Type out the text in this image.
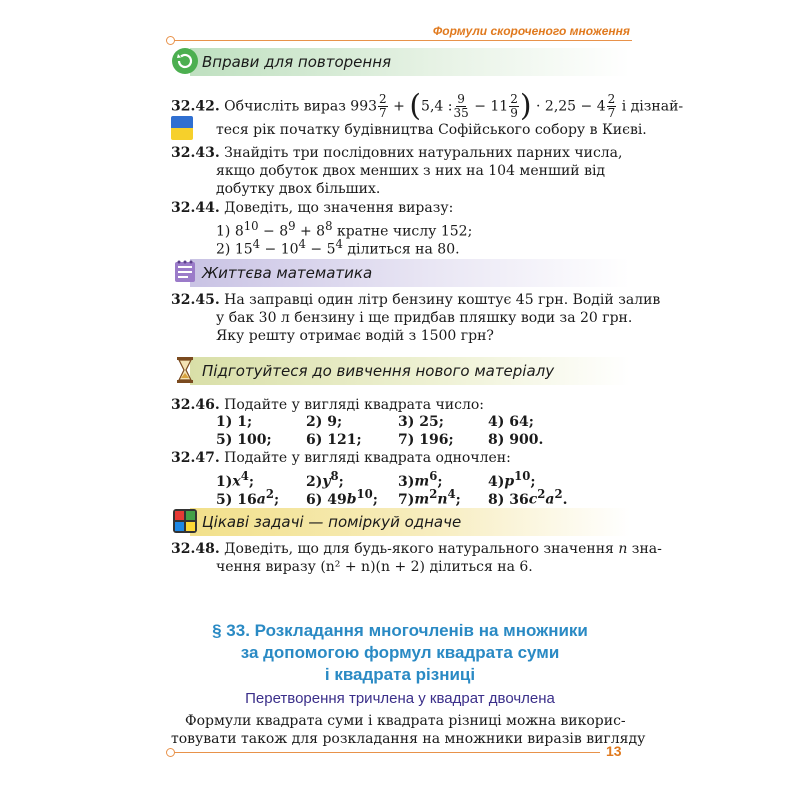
Формули скороченого множення
Вправи для повторення
32.42. Обчисліть вираз $993 \frac{2}{7} + (5,4$ : $\frac{9}{35} - 11 \frac{2}{9}$ ) · $2,25 - 4 \frac{2}{7}$ і дізнай-
теся рік початку будівництва Софійського собору в Києві.
32.43. Знайдіть три послідовних натуральних парних числа,
якщо добуток двох менших з них на 104 менший від
добутку двох більших.
32.44. Доведіть, що значення виразу:
1) $8^{10} - 8^9 + 8^8$ кратне числу 152;
2) $15^4 - 10^4 - 5^4$ ділиться на 80.
Життєва математика
32.45. На заправці один літр бензину коштує 45 грн. Водій залив
у бак 30 л бензину і ще придбав пляшку води за 20 грн.
Яку решту отримає водій з 1500 грн?
Підготуйтеся до вивчення нового матеріалу
32.46. Подайте у вигляді квадрата число:
1) 1;	2) 9;	3) 25;	4) 64;
5) 100;	6) 121;	7) 196;	8) 900.
32.47. Подайте у вигляді квадрата одночлен:
$1)x^4$;	$2)y^8$;	$3)m^6$;	$4)p^{10}$;
5) $16a^2$;	6) $49b^{10}$;	$7)m^2n^4$;	8) $36c^2a^2$.
Цікаві задачі — поміркуй одначе
32.48. Доведіть, що для будь-якого натурального значення n зна-
чення виразу (n² + n)(n + 2) ділиться на 6.
§ 33. Розкладання многочленів на множники
за допомогою формул квадрата суми
і квадрата різниці
Перетворення тричлена у квадрат двочлена
Формули квадрата суми і квадрата різниці можна викорис-
товувати також для розкладання на множники виразів вигляду
13
